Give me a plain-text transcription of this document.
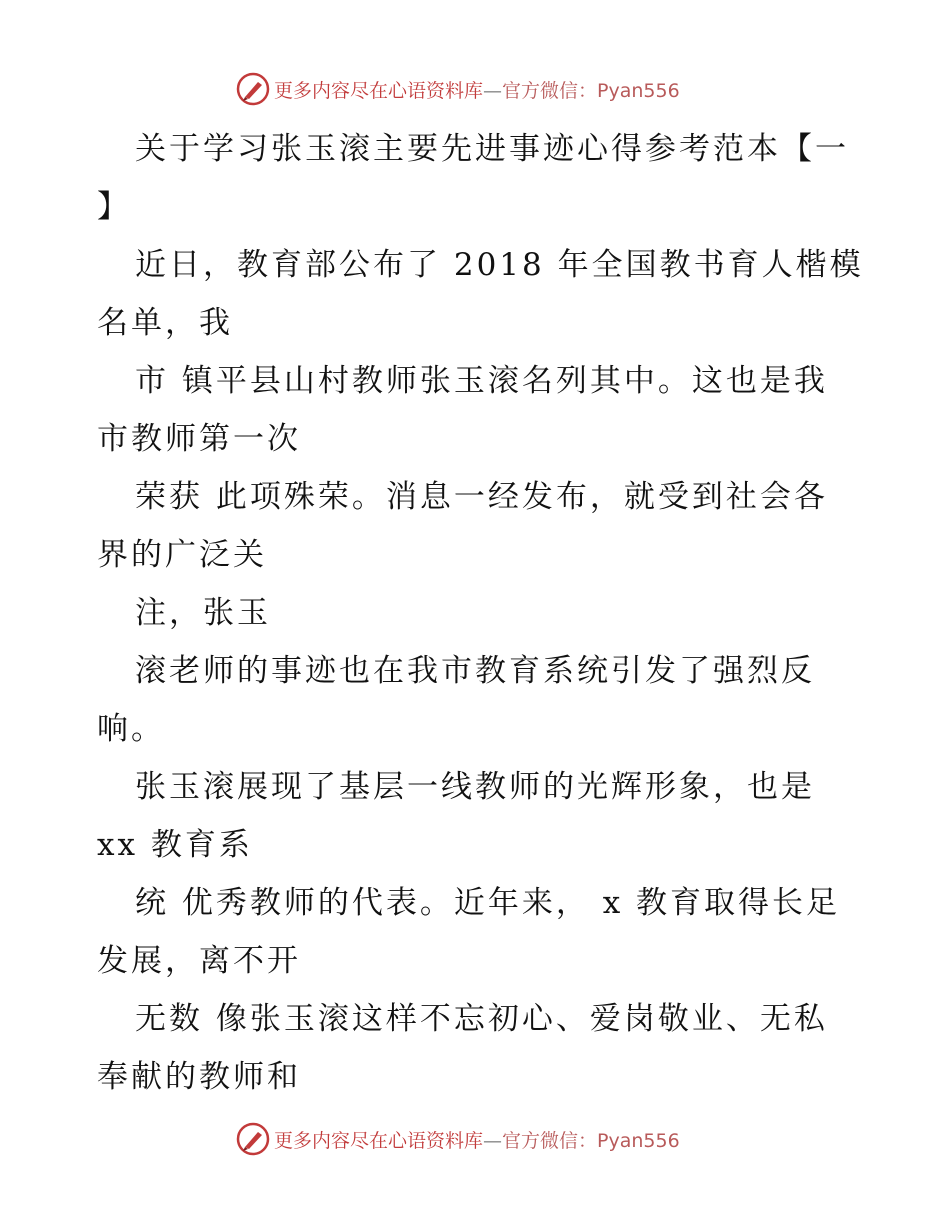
更多内容尽在心语资料库—官方微信：Pyan556
关于学习张玉滚主要先进事迹心得参考范本【一
】
近日，教育部公布了 2018 年全国教书育人楷模
名单，我
市 镇平县山村教师张玉滚名列其中。这也是我
市教师第一次
荣获 此项殊荣。消息一经发布，就受到社会各
界的广泛关
注，张玉
滚老师的事迹也在我市教育系统引发了强烈反
响。
张玉滚展现了基层一线教师的光辉形象，也是
xx 教育系
统 优秀教师的代表。近年来， x 教育取得长足
发展，离不开
无数 像张玉滚这样不忘初心、爱岗敬业、无私
奉献的教师和
更多内容尽在心语资料库—官方微信：Pyan556
